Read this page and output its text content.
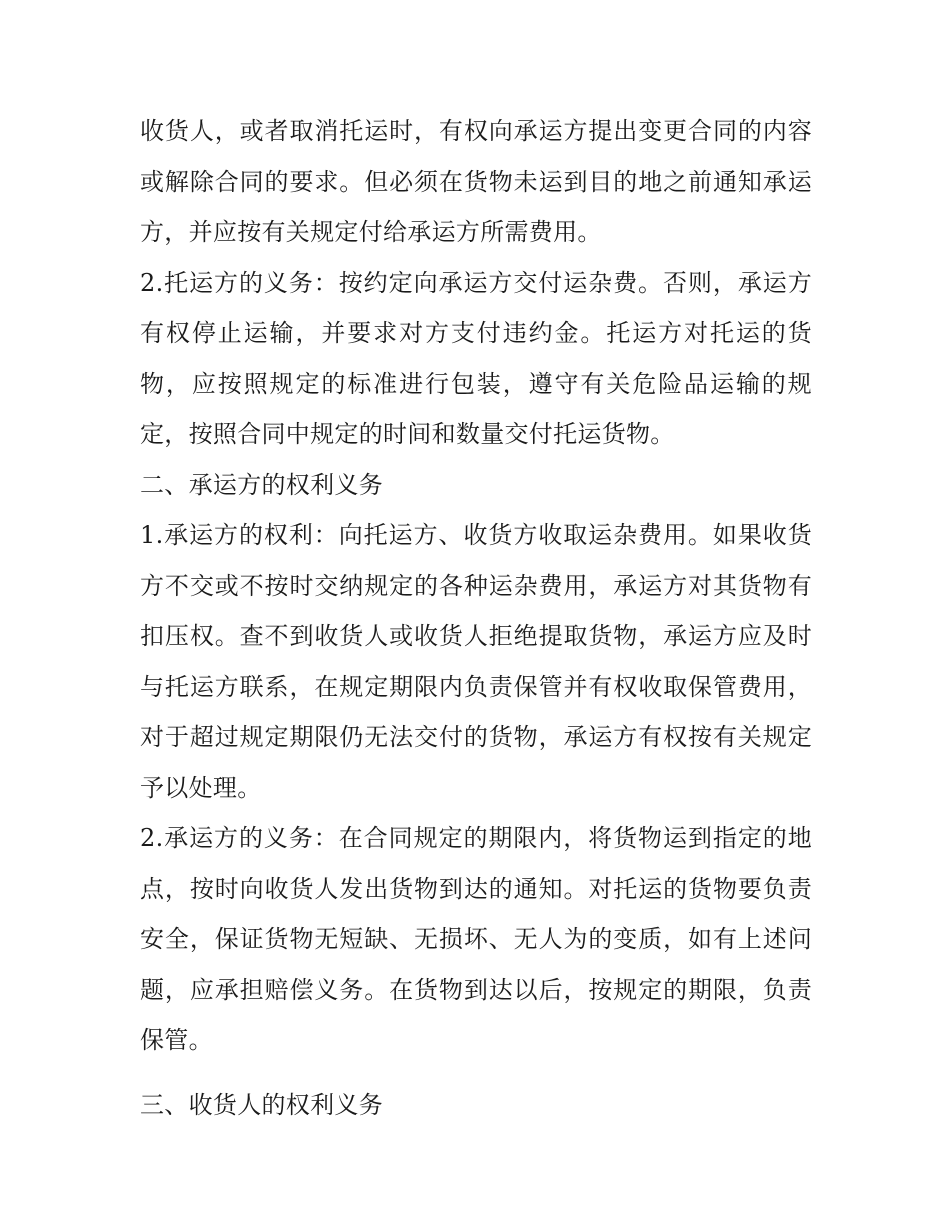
收货人，或者取消托运时，有权向承运方提出变更合同的内容或解除合同的要求。但必须在货物未运到目的地之前通知承运方，并应按有关规定付给承运方所需费用。

2.托运方的义务：按约定向承运方交付运杂费。否则，承运方有权停止运输，并要求对方支付违约金。托运方对托运的货物，应按照规定的标准进行包装，遵守有关危险品运输的规定，按照合同中规定的时间和数量交付托运货物。

二、承运方的权利义务

1.承运方的权利：向托运方、收货方收取运杂费用。如果收货方不交或不按时交纳规定的各种运杂费用，承运方对其货物有扣压权。查不到收货人或收货人拒绝提取货物，承运方应及时与托运方联系，在规定期限内负责保管并有权收取保管费用，对于超过规定期限仍无法交付的货物，承运方有权按有关规定予以处理。

2.承运方的义务：在合同规定的期限内，将货物运到指定的地点，按时向收货人发出货物到达的通知。对托运的货物要负责安全，保证货物无短缺、无损坏、无人为的变质，如有上述问题，应承担赔偿义务。在货物到达以后，按规定的期限，负责保管。

三、收货人的权利义务
